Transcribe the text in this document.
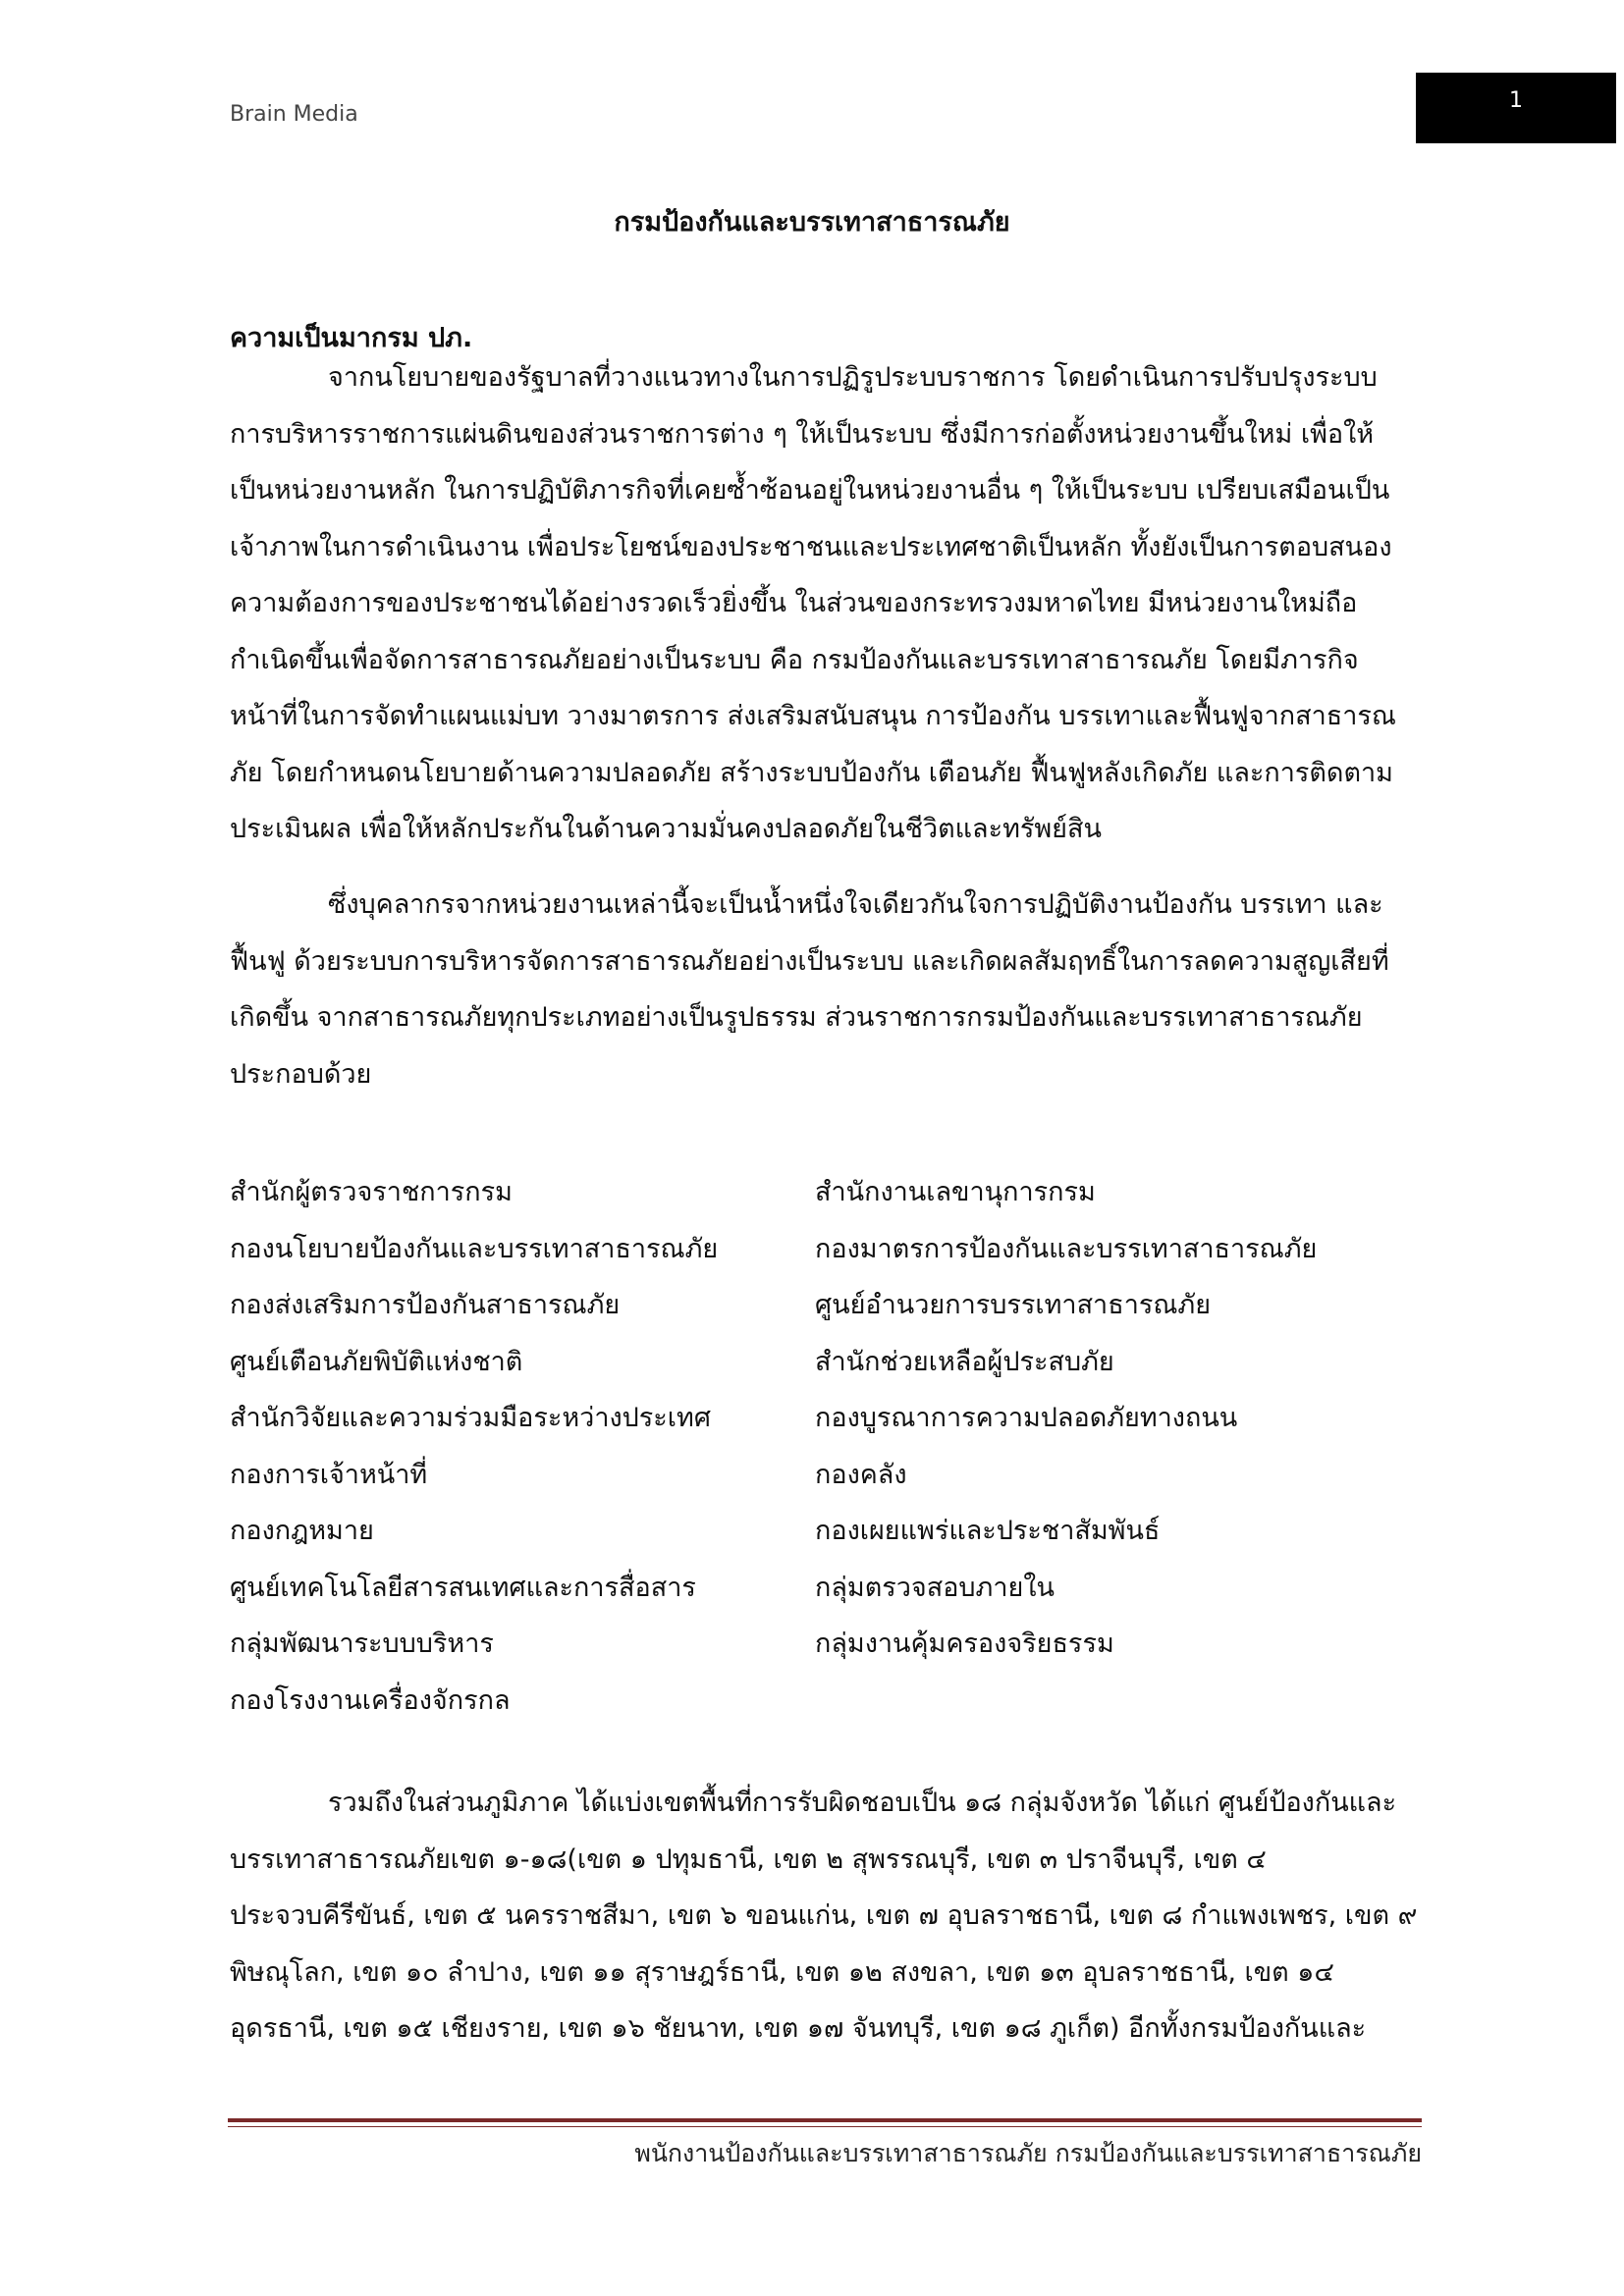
Brain Media
1
กรมป้องกันและบรรเทาสาธารณภัย
ความเป็นมากรม ปภ.
จากนโยบายของรัฐบาลที่วางแนวทางในการปฏิรูประบบราชการ โดยดำเนินการปรับปรุงระบบ
การบริหารราชการแผ่นดินของส่วนราชการต่าง ๆ ให้เป็นระบบ ซึ่งมีการก่อตั้งหน่วยงานขึ้นใหม่ เพื่อให้
เป็นหน่วยงานหลัก ในการปฏิบัติภารกิจที่เคยซ้ำซ้อนอยู่ในหน่วยงานอื่น ๆ ให้เป็นระบบ เปรียบเสมือนเป็น
เจ้าภาพในการดำเนินงาน เพื่อประโยชน์ของประชาชนและประเทศชาติเป็นหลัก ทั้งยังเป็นการตอบสนอง
ความต้องการของประชาชนได้อย่างรวดเร็วยิ่งขึ้น ในส่วนของกระทรวงมหาดไทย มีหน่วยงานใหม่ถือ
กำเนิดขึ้นเพื่อจัดการสาธารณภัยอย่างเป็นระบบ คือ กรมป้องกันและบรรเทาสาธารณภัย โดยมีภารกิจ
หน้าที่ในการจัดทำแผนแม่บท วางมาตรการ ส่งเสริมสนับสนุน การป้องกัน บรรเทาและฟื้นฟูจากสาธารณ
ภัย โดยกำหนดนโยบายด้านความปลอดภัย สร้างระบบป้องกัน เตือนภัย ฟื้นฟูหลังเกิดภัย และการติดตาม
ประเมินผล เพื่อให้หลักประกันในด้านความมั่นคงปลอดภัยในชีวิตและทรัพย์สิน
ซึ่งบุคลากรจากหน่วยงานเหล่านี้จะเป็นน้ำหนึ่งใจเดียวกันใจการปฏิบัติงานป้องกัน บรรเทา และ
ฟื้นฟู ด้วยระบบการบริหารจัดการสาธารณภัยอย่างเป็นระบบ และเกิดผลสัมฤทธิ์ในการลดความสูญเสียที่
เกิดขึ้น จากสาธารณภัยทุกประเภทอย่างเป็นรูปธรรม ส่วนราชการกรมป้องกันและบรรเทาสาธารณภัย
ประกอบด้วย
สำนักผู้ตรวจราชการกรม	สำนักงานเลขานุการกรม
กองนโยบายป้องกันและบรรเทาสาธารณภัย	กองมาตรการป้องกันและบรรเทาสาธารณภัย
กองส่งเสริมการป้องกันสาธารณภัย	ศูนย์อำนวยการบรรเทาสาธารณภัย
ศูนย์เตือนภัยพิบัติแห่งชาติ	สำนักช่วยเหลือผู้ประสบภัย
สำนักวิจัยและความร่วมมือระหว่างประเทศ	กองบูรณาการความปลอดภัยทางถนน
กองการเจ้าหน้าที่	กองคลัง
กองกฎหมาย	กองเผยแพร่และประชาสัมพันธ์
ศูนย์เทคโนโลยีสารสนเทศและการสื่อสาร	กลุ่มตรวจสอบภายใน
กลุ่มพัฒนาระบบบริหาร	กลุ่มงานคุ้มครองจริยธรรม
กองโรงงานเครื่องจักรกล
รวมถึงในส่วนภูมิภาค ได้แบ่งเขตพื้นที่การรับผิดชอบเป็น ๑๘ กลุ่มจังหวัด ได้แก่ ศูนย์ป้องกันและ
บรรเทาสาธารณภัยเขต ๑-๑๘(เขต ๑ ปทุมธานี, เขต ๒ สุพรรณบุรี, เขต ๓ ปราจีนบุรี, เขต ๔
ประจวบคีรีขันธ์, เขต ๕ นครราชสีมา, เขต ๖ ขอนแก่น, เขต ๗ อุบลราชธานี, เขต ๘ กำแพงเพชร, เขต ๙
พิษณุโลก, เขต ๑๐ ลำปาง, เขต ๑๑ สุราษฎร์ธานี, เขต ๑๒ สงขลา, เขต ๑๓ อุบลราชธานี, เขต ๑๔
อุดรธานี, เขต ๑๕ เชียงราย, เขต ๑๖ ชัยนาท, เขต ๑๗ จันทบุรี, เขต ๑๘ ภูเก็ต) อีกทั้งกรมป้องกันและ
พนักงานป้องกันและบรรเทาสาธารณภัย กรมป้องกันและบรรเทาสาธารณภัย
